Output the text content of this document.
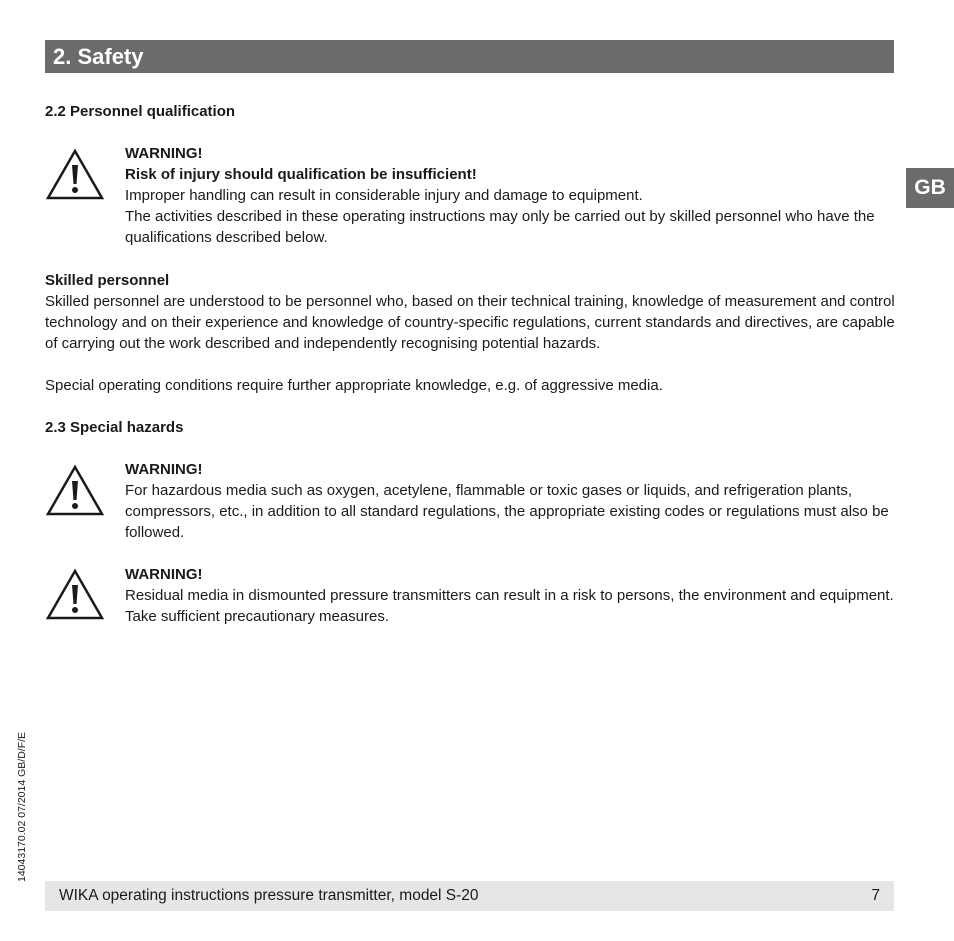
2. Safety
GB
2.2 Personnel qualification
WARNING!
Risk of injury should qualification be insufficient!
Improper handling can result in considerable injury and damage to equipment.
The activities described in these operating instructions may only be carried out by skilled personnel who have the qualifications described below.
Skilled personnel
Skilled personnel are understood to be personnel who, based on their technical training, knowledge of measurement and control technology and on their experience and knowledge of country-specific regulations, current standards and directives, are capable of carrying out the work described and independently recognising potential hazards.
Special operating conditions require further appropriate knowledge, e.g. of aggressive media.
2.3 Special hazards
WARNING!
For hazardous media such as oxygen, acetylene, flammable or toxic gases or liquids, and refrigeration plants, compressors, etc., in addition to all standard regulations, the appropriate existing codes or regulations must also be followed.
WARNING!
Residual media in dismounted pressure transmitters can result in a risk to persons, the environment and equipment.
Take sufficient precautionary measures.
14043170.02 07/2014 GB/D/F/E
WIKA operating instructions pressure transmitter, model S-20	7
